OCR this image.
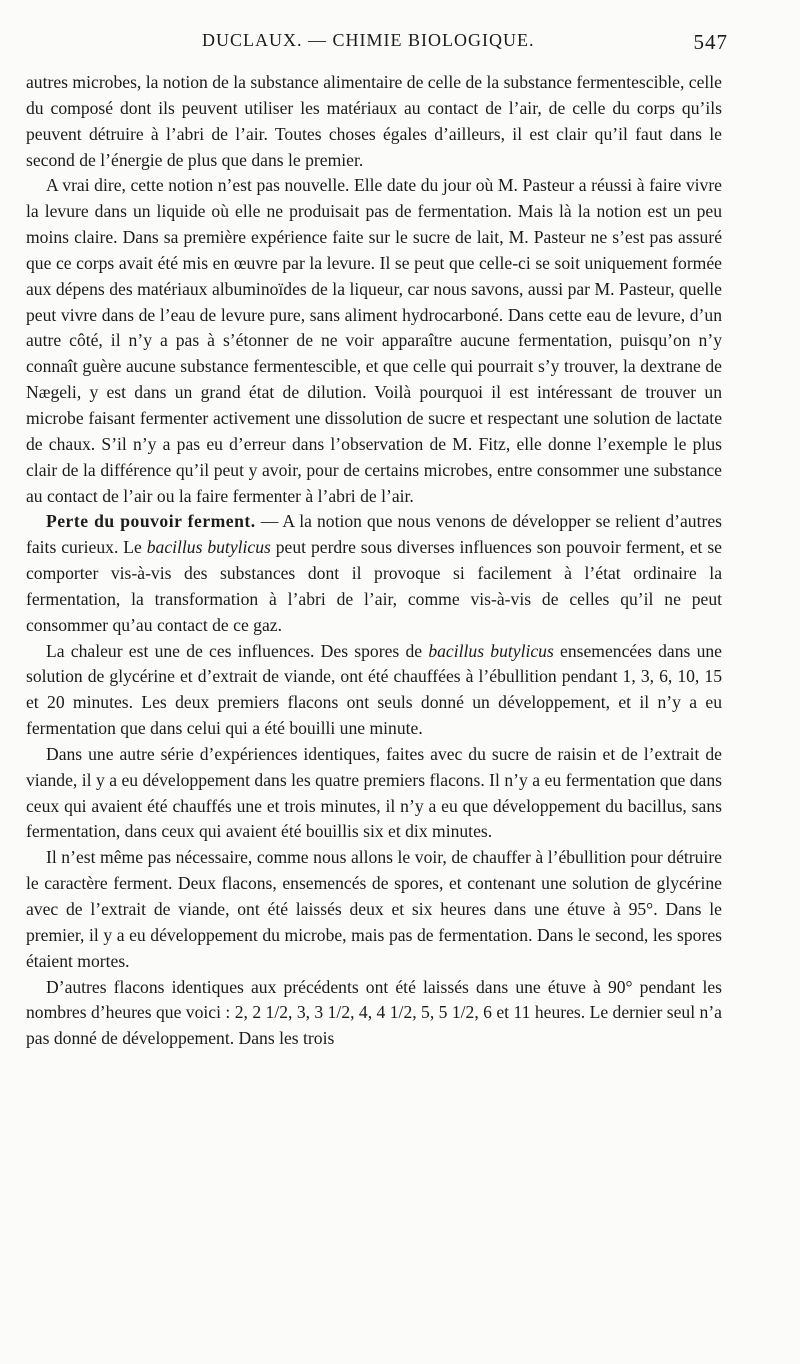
DUCLAUX. — CHIMIE BIOLOGIQUE.	547

autres microbes, la notion de la substance alimentaire de celle de la substance fermentescible, celle du composé dont ils peuvent utiliser les matériaux au contact de l’air, de celle du corps qu’ils peuvent détruire à l’abri de l’air. Toutes choses égales d’ailleurs, il est clair qu’il faut dans le second de l’énergie de plus que dans le premier.

A vrai dire, cette notion n’est pas nouvelle. Elle date du jour où M. Pasteur a réussi à faire vivre la levure dans un liquide où elle ne produisait pas de fermentation. Mais là la notion est un peu moins claire. Dans sa première expérience faite sur le sucre de lait, M. Pasteur ne s’est pas assuré que ce corps avait été mis en œuvre par la levure. Il se peut que celle-ci se soit uniquement formée aux dépens des matériaux albuminoïdes de la liqueur, car nous savons, aussi par M. Pasteur, quelle peut vivre dans de l’eau de levure pure, sans aliment hydrocarboné. Dans cette eau de levure, d’un autre côté, il n’y a pas à s’étonner de ne voir apparaître aucune fermentation, puisqu’on n’y connaît guère aucune substance fermentescible, et que celle qui pourrait s’y trouver, la dextrane de Nægeli, y est dans un grand état de dilution. Voilà pourquoi il est intéressant de trouver un microbe faisant fermenter activement une dissolution de sucre et respectant une solution de lactate de chaux. S’il n’y a pas eu d’erreur dans l’observation de M. Fitz, elle donne l’exemple le plus clair de la différence qu’il peut y avoir, pour de certains microbes, entre consommer une substance au contact de l’air ou la faire fermenter à l’abri de l’air.

Perte du pouvoir ferment. — A la notion que nous venons de développer se relient d’autres faits curieux. Le bacillus butylicus peut perdre sous diverses influences son pouvoir ferment, et se comporter vis-à-vis des substances dont il provoque si facilement à l’état ordinaire la fermentation, la transformation à l’abri de l’air, comme vis-à-vis de celles qu’il ne peut consommer qu’au contact de ce gaz.

La chaleur est une de ces influences. Des spores de bacillus butylicus ensemencées dans une solution de glycérine et d’extrait de viande, ont été chauffées à l’ébullition pendant 1, 3, 6, 10, 15 et 20 minutes. Les deux premiers flacons ont seuls donné un développement, et il n’y a eu fermentation que dans celui qui a été bouilli une minute.

Dans une autre série d’expériences identiques, faites avec du sucre de raisin et de l’extrait de viande, il y a eu développement dans les quatre premiers flacons. Il n’y a eu fermentation que dans ceux qui avaient été chauffés une et trois minutes, il n’y a eu que développement du bacillus, sans fermentation, dans ceux qui avaient été bouillis six et dix minutes.

Il n’est même pas nécessaire, comme nous allons le voir, de chauffer à l’ébullition pour détruire le caractère ferment. Deux flacons, ensemencés de spores, et contenant une solution de glycérine avec de l’extrait de viande, ont été laissés deux et six heures dans une étuve à 95°. Dans le premier, il y a eu développement du microbe, mais pas de fermentation. Dans le second, les spores étaient mortes.

D’autres flacons identiques aux précédents ont été laissés dans une étuve à 90° pendant les nombres d’heures que voici : 2, 2 1/2, 3, 3 1/2, 4, 4 1/2, 5, 5 1/2, 6 et 11 heures. Le dernier seul n’a pas donné de développement. Dans les trois
